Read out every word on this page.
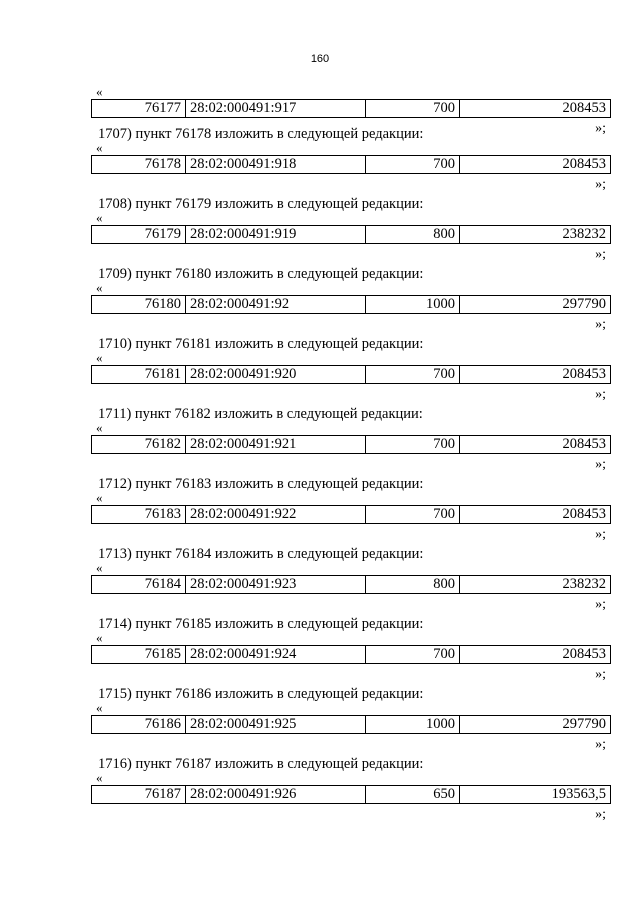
160
«
76177 28:02:000491:917	700	208453
»;
1707) пункт 76178 изложить в следующей редакции:
«
76178 28:02:000491:918	700	208453
»;
1708) пункт 76179 изложить в следующей редакции:
«
76179 28:02:000491:919	800	238232
»;
1709) пункт 76180 изложить в следующей редакции:
«
76180 28:02:000491:92	1000	297790
»;
1710) пункт 76181 изложить в следующей редакции:
«
76181 28:02:000491:920	700	208453
»;
1711) пункт 76182 изложить в следующей редакции:
«
76182 28:02:000491:921	700	208453
»;
1712) пункт 76183 изложить в следующей редакции:
«
76183 28:02:000491:922	700	208453
»;
1713) пункт 76184 изложить в следующей редакции:
«
76184 28:02:000491:923	800	238232
»;
1714) пункт 76185 изложить в следующей редакции:
«
76185 28:02:000491:924	700	208453
»;
1715) пункт 76186 изложить в следующей редакции:
«
76186 28:02:000491:925	1000	297790
»;
1716) пункт 76187 изложить в следующей редакции:
«
76187 28:02:000491:926	650	193563,5
»;
